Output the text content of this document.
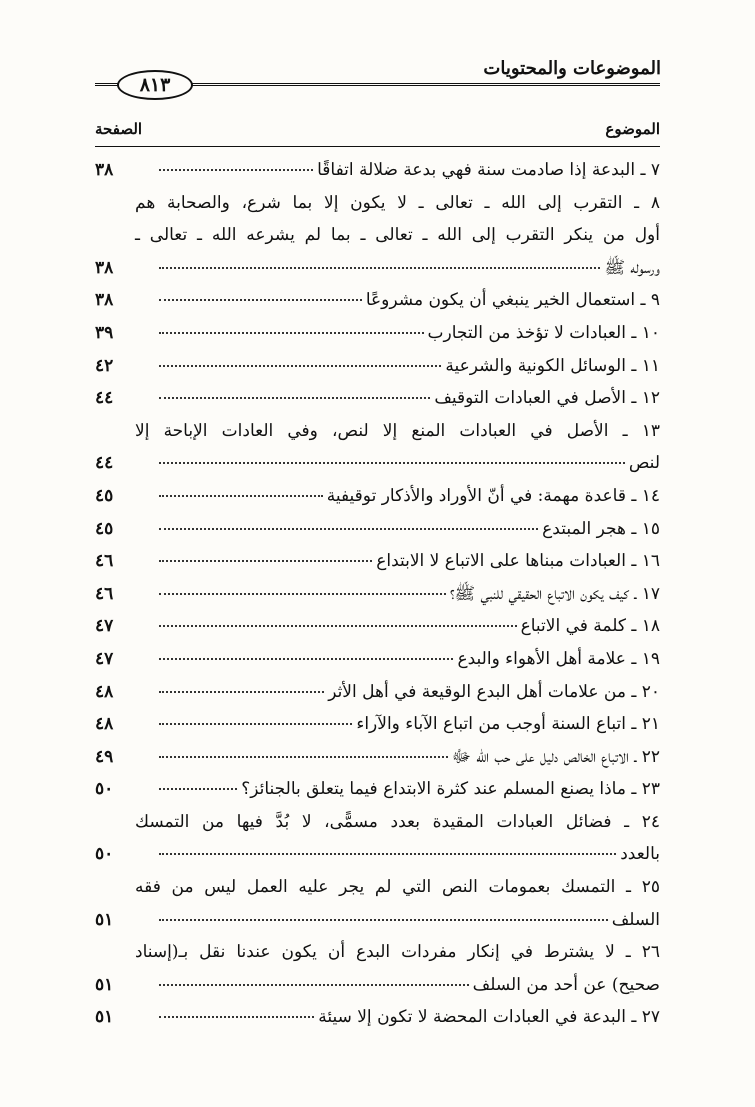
الموضوعات والمحتويات
٨١٣
الموضوع
الصفحة
٧ ـ البدعة إذا صادمت سنة فهي بدعة ضلالة اتفاقًا
٣٨
٨ ـ التقرب إلى الله ـ تعالى ـ لا يكون إلا بما شرع، والصحابة هم
أول من ينكر التقرب إلى الله ـ تعالى ـ بما لم يشرعه الله ـ تعالى ـ
ورسوله ﷺ
٣٨
٩ ـ استعمال الخير ينبغي أن يكون مشروعًا
٣٨
١٠ ـ العبادات لا تؤخذ من التجارب
٣٩
١١ ـ الوسائل الكونية والشرعية
٤٢
١٢ ـ الأصل في العبادات التوقيف
٤٤
١٣ ـ الأصل في العبادات المنع إلا لنص، وفي العادات الإباحة إلا
لنص
٤٤
١٤ ـ قاعدة مهمة: في أنّ الأوراد والأذكار توقيفية
٤٥
١٥ ـ هجر المبتدع
٤٥
١٦ ـ العبادات مبناها على الاتباع لا الابتداع
٤٦
١٧ ـ كيف يكون الاتباع الحقيقي للنبي ﷺ؟
٤٦
١٨ ـ كلمة في الاتباع
٤٧
١٩ ـ علامة أهل الأهواء والبدع
٤٧
٢٠ ـ من علامات أهل البدع الوقيعة في أهل الأثر
٤٨
٢١ ـ اتباع السنة أوجب من اتباع الآباء والآراء
٤٨
٢٢ ـ الاتباع الخالص دليل على حب الله ﷻ
٤٩
٢٣ ـ ماذا يصنع المسلم عند كثرة الابتداع فيما يتعلق بالجنائز؟
٥٠
٢٤ ـ فضائل العبادات المقيدة بعدد مسمًّى، لا بُدَّ فيها من التمسك
بالعدد
٥٠
٢٥ ـ التمسك بعمومات النص التي لم يجر عليه العمل ليس من فقه
السلف
٥١
٢٦ ـ لا يشترط في إنكار مفردات البدع أن يكون عندنا نقل بـ(إسناد
صحيح) عن أحد من السلف
٥١
٢٧ ـ البدعة في العبادات المحضة لا تكون إلا سيئة
٥١
